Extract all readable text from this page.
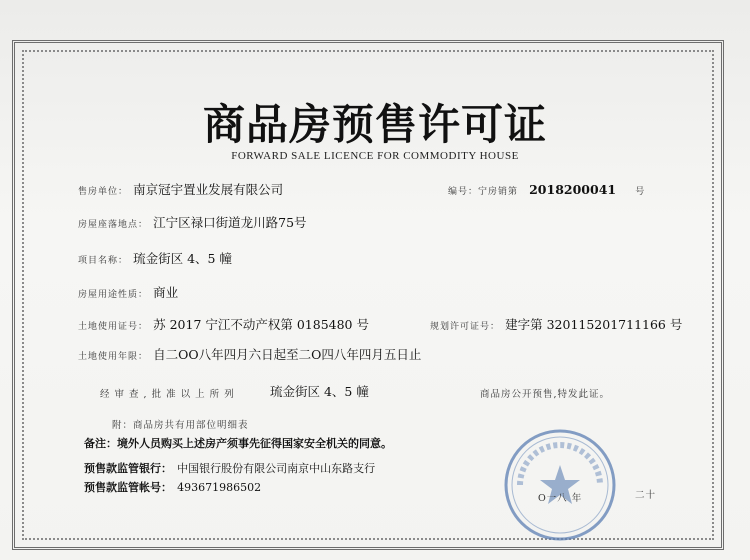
商品房预售许可证
FORWARD SALE LICENCE FOR COMMODITY HOUSE
售房单位： 南京冠宇置业发展有限公司	编号：宁房销第 2018200041 号
房屋座落地点： 江宁区禄口街道龙川路75号
项目名称： 琉金街区 4、5 幢
房屋用途性质： 商业
土地使用证号： 苏 2017 宁江不动产权第 0185480 号	规划许可证号： 建字第 320115201711166 号
土地使用年限： 自二OO八年四月六日起至二O四八年四月五日止
经 审 查 , 批 准 以 上 所 列	琉金街区 4、5 幢	商品房公开预售,特发此证。
附：商品房共有用部位明细表
备注：境外人员购买上述房产须事先征得国家安全机关的同意。
预售款监管银行： 中国银行股份有限公司南京中山东路支行
预售款监管帐号： 493671986502
O一八 年	二十
